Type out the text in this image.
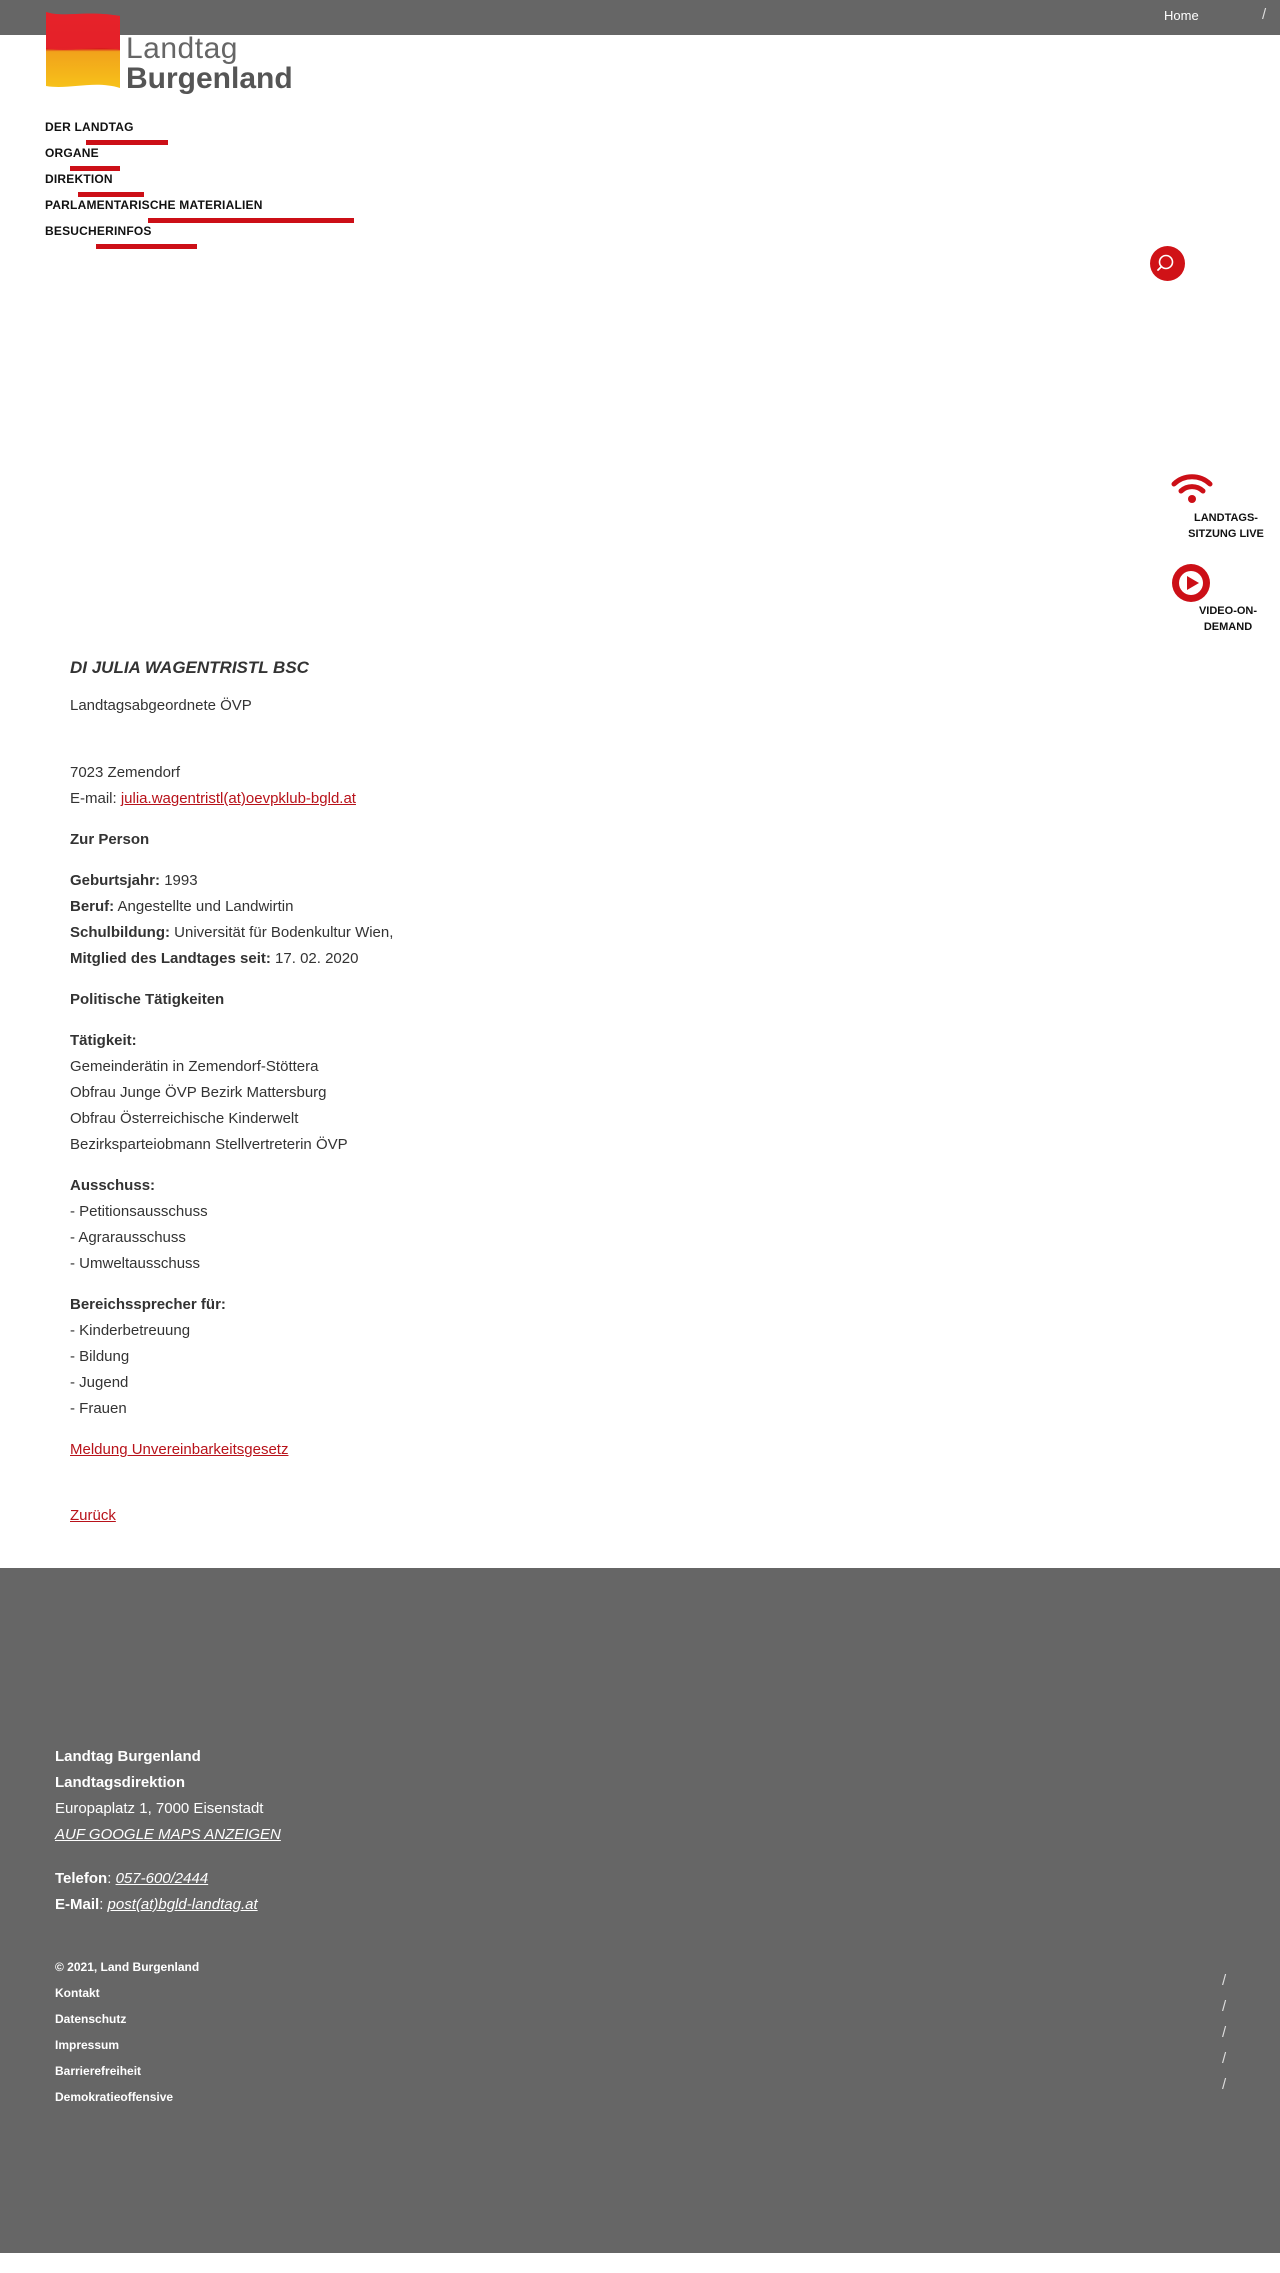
Home	/
Landtag
Burgenland
DER LANDTAG
ORGANE
DIREKTION
PARLAMENTARISCHE MATERIALIEN
BESUCHERINFOS
LANDTAGS-
SITZUNG LIVE
VIDEO-ON-
DEMAND
DI JULIA WAGENTRISTL BSC
Landtagsabgeordnete ÖVP
7023 Zemendorf
E-mail: julia.wagentristl(at)oevpklub-bgld.at
Zur Person
Geburtsjahr: 1993
Beruf: Angestellte und Landwirtin
Schulbildung: Universität für Bodenkultur Wien,
Mitglied des Landtages seit: 17. 02. 2020
Politische Tätigkeiten
Tätigkeit:
Gemeinderätin in Zemendorf-Stöttera
Obfrau Junge ÖVP Bezirk Mattersburg
Obfrau Österreichische Kinderwelt
Bezirksparteiobmann Stellvertreterin ÖVP
Ausschuss:
- Petitionsausschuss
- Agrarausschuss
- Umweltausschuss
Bereichssprecher für:
- Kinderbetreuung
- Bildung
- Jugend
- Frauen
Meldung Unvereinbarkeitsgesetz
Zurück
Landtag Burgenland
Landtagsdirektion
Europaplatz 1, 7000 Eisenstadt
AUF GOOGLE MAPS ANZEIGEN
Telefon: 057-600/2444
E-Mail: post(at)bgld-landtag.at
© 2021, Land Burgenland
Kontakt
Datenschutz
Impressum
Barrierefreiheit
Demokratieoffensive
/
/
/
/
/
